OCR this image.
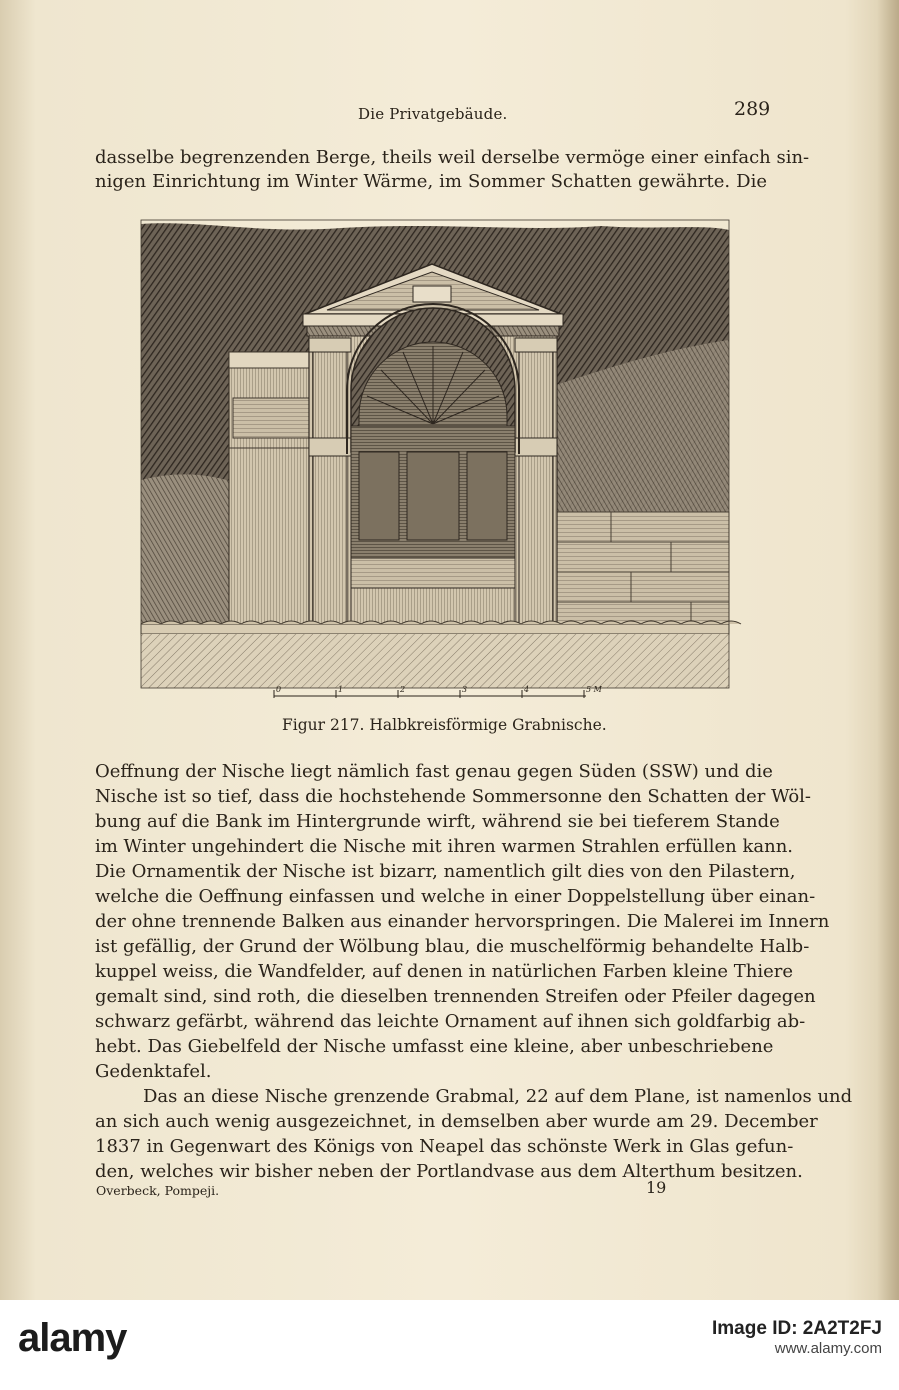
Die Privatgebäude.	289
dasselbe begrenzenden Berge, theils weil derselbe vermöge einer einfach sin-
nigen Einrichtung im Winter Wärme, im Sommer Schatten gewährte. Die
0	1	2	3	4	5 M
Figur 217. Halbkreisförmige Grabnische.
Oeffnung der Nische liegt nämlich fast genau gegen Süden (SSW) und die
Nische ist so tief, dass die hochstehende Sommersonne den Schatten der Wöl-
bung auf die Bank im Hintergrunde wirft, während sie bei tieferem Stande
im Winter ungehindert die Nische mit ihren warmen Strahlen erfüllen kann.
Die Ornamentik der Nische ist bizarr, namentlich gilt dies von den Pilastern,
welche die Oeffnung einfassen und welche in einer Doppelstellung über einan-
der ohne trennende Balken aus einander hervorspringen. Die Malerei im Innern
ist gefällig, der Grund der Wölbung blau, die muschelförmig behandelte Halb-
kuppel weiss, die Wandfelder, auf denen in natürlichen Farben kleine Thiere
gemalt sind, sind roth, die dieselben trennenden Streifen oder Pfeiler dagegen
schwarz gefärbt, während das leichte Ornament auf ihnen sich goldfarbig ab-
hebt. Das Giebelfeld der Nische umfasst eine kleine, aber unbeschriebene
Gedenktafel.
Das an diese Nische grenzende Grabmal, 22 auf dem Plane, ist namenlos und
an sich auch wenig ausgezeichnet, in demselben aber wurde am 29. December
1837 in Gegenwart des Königs von Neapel das schönste Werk in Glas gefun-
den, welches wir bisher neben der Portlandvase aus dem Alterthum besitzen.
Overbeck, Pompeji.	19
alamy	Image ID: 2A2T2FJ
www.alamy.com
